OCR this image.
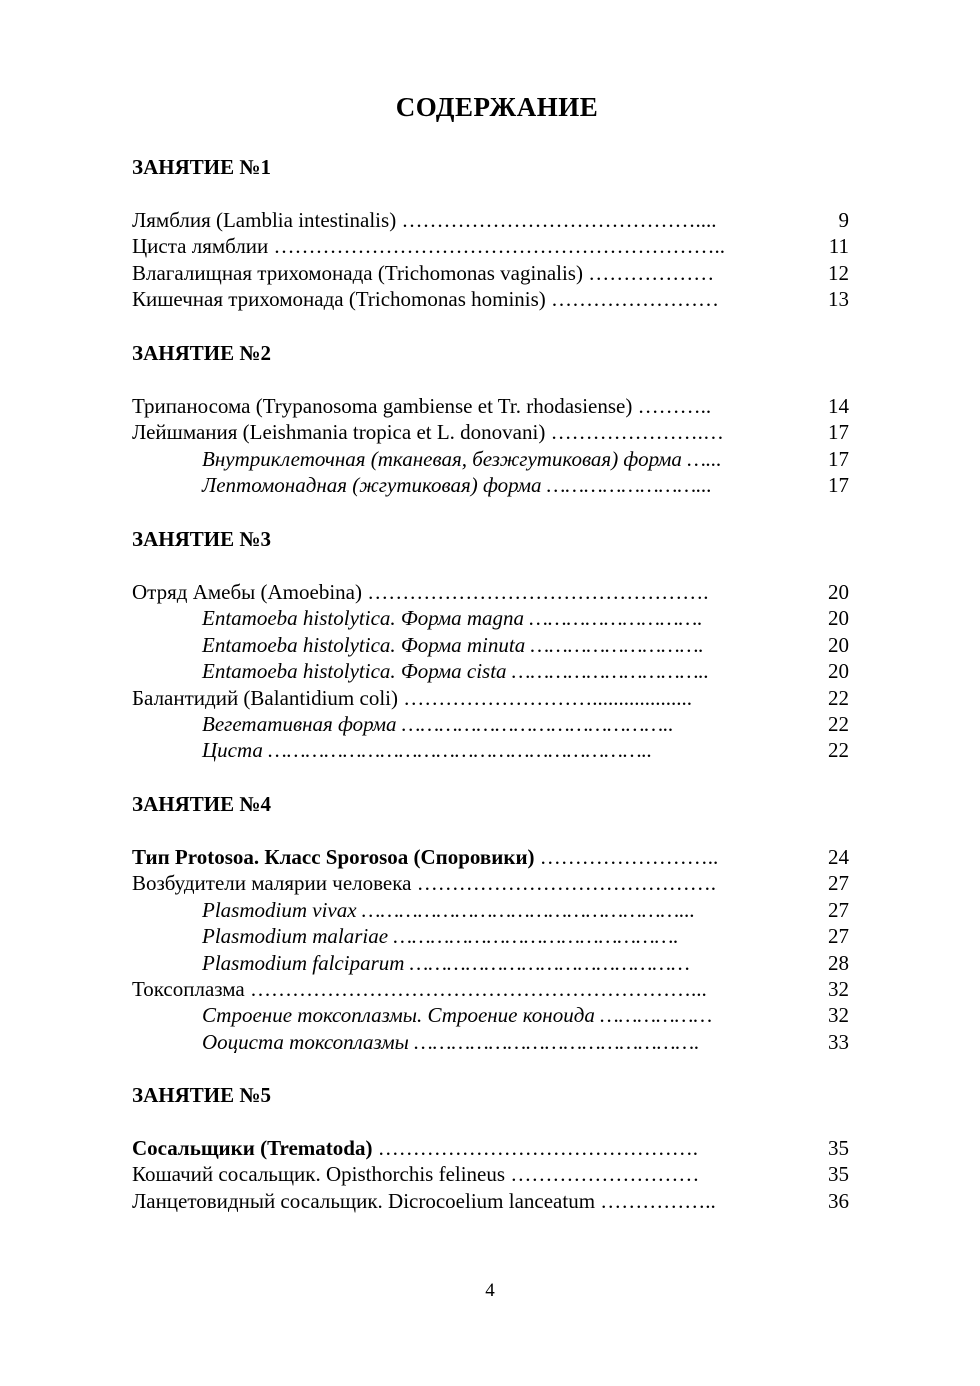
СОДЕРЖАНИЕ
ЗАНЯТИЕ №1
Лямблия (Lamblia intestinalis) ……………………………………....	9
Циста лямблии ………………………………………………………..	11
Влагалищная трихомонада (Trichomonas vaginalis) ………………	12
Кишечная трихомонада (Trichomonas hominis) ……………………	13
ЗАНЯТИЕ №2
Трипаносома (Trypanosoma gambiense et Tr. rhodasiense) ………..	14
Лейшмания (Leishmania tropica et L. donovani) ………………….…	17
Внутриклеточная (тканевая, безжгутиковая) форма …...	17
Лептомонадная (жгутиковая) форма ……………………...	17
ЗАНЯТИЕ №3
Отряд Амебы (Amoebina) ………………………………………….	20
Entamoeba histolytica. Форма magna ……………………….	20
Entamoeba histolytica. Форма minuta ……………………….	20
Entamoeba histolytica. Форма cista …………………………..	20
Балантидий (Balantidium coli) ………………………...................	22
Вегетативная форма ……………………………………..	22
Циста ……………………………………………………..	22
ЗАНЯТИЕ №4
Тип Protosoa. Класс Sporosoa (Споровики) ……………………..	24
Возбудители малярии человека …………………………………….	27
Plasmodium vivax ……………………………………………...	27
Plasmodium malariae ……………………………………….	27
Plasmodium falciparum ………………………………………	28
Токсоплазма ………………………………………………………...	32
Строение токсоплазмы. Строение коноида ………………	32
Ооциста токсоплазмы ……………………………………….	33
ЗАНЯТИЕ №5
Сосальщики (Trematoda) ……………………………………….	35
Кошачий сосальщик. Opisthorchis felineus ………………………	35
Ланцетовидный сосальщик. Dicrocoelium lanceatum ……………..	36
4
